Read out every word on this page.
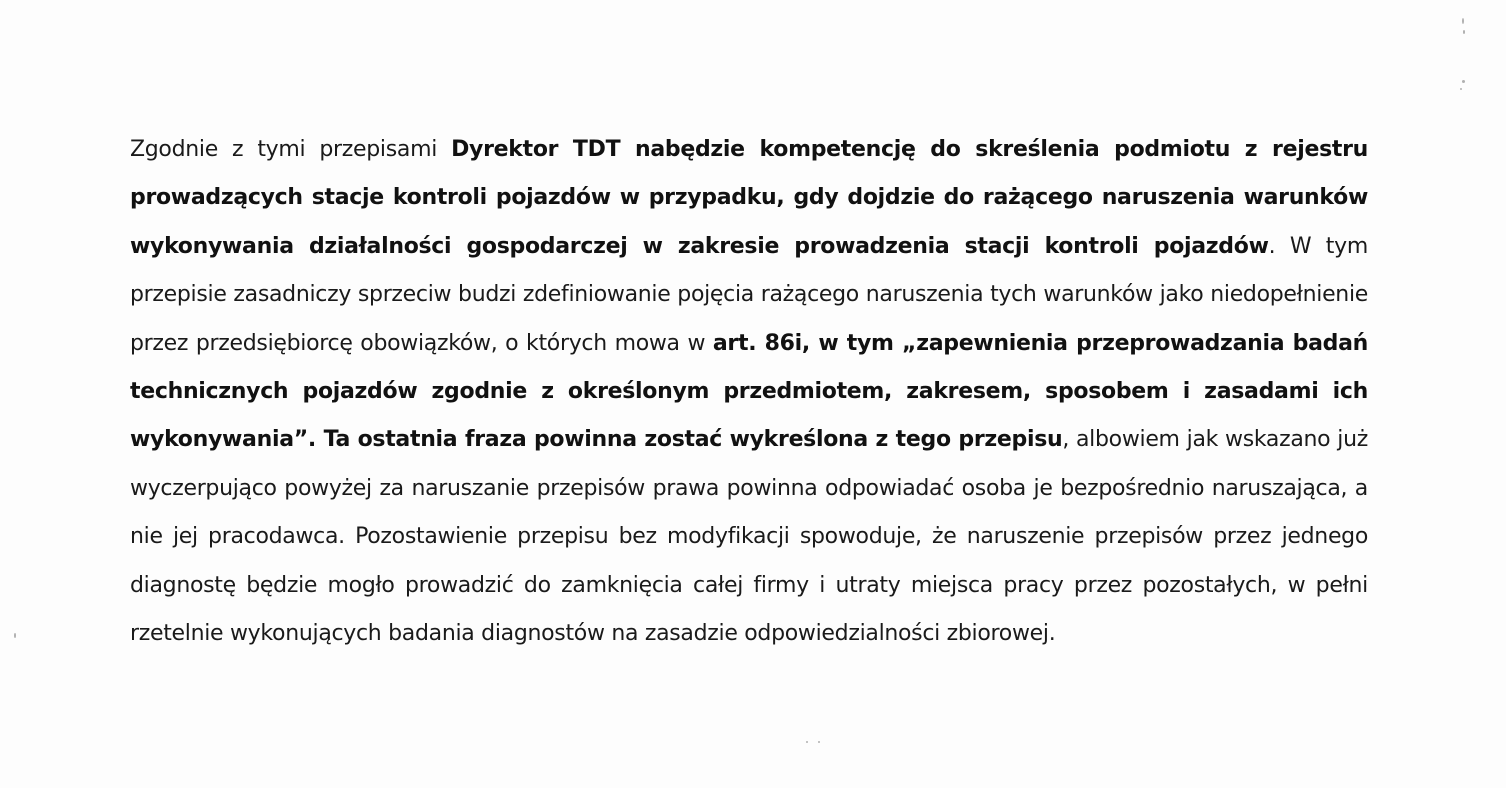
Zgodnie z tymi przepisami Dyrektor TDT nabędzie kompetencję do skreślenia podmiotu z rejestru prowadzących stacje kontroli pojazdów w przypadku, gdy dojdzie do rażącego naruszenia warunków wykonywania działalności gospodarczej w zakresie prowadzenia stacji kontroli pojazdów. W tym przepisie zasadniczy sprzeciw budzi zdefiniowanie pojęcia rażącego naruszenia tych warunków jako niedopełnienie przez przedsiębiorcę obowiązków, o których mowa w art. 86i, w tym „zapewnienia przeprowadzania badań technicznych pojazdów zgodnie z określonym przedmiotem, zakresem, sposobem i zasadami ich wykonywania”. Ta ostatnia fraza powinna zostać wykreślona z tego przepisu, albowiem jak wskazano już wyczerpująco powyżej za naruszanie przepisów prawa powinna odpowiadać osoba je bezpośrednio naruszająca, a nie jej pracodawca. Pozostawienie przepisu bez modyfikacji spowoduje, że naruszenie przepisów przez jednego diagnostę będzie mogło prowadzić do zamknięcia całej firmy i utraty miejsca pracy przez pozostałych, w pełni rzetelnie wykonujących badania diagnostów na zasadzie odpowiedzialności zbiorowej.
